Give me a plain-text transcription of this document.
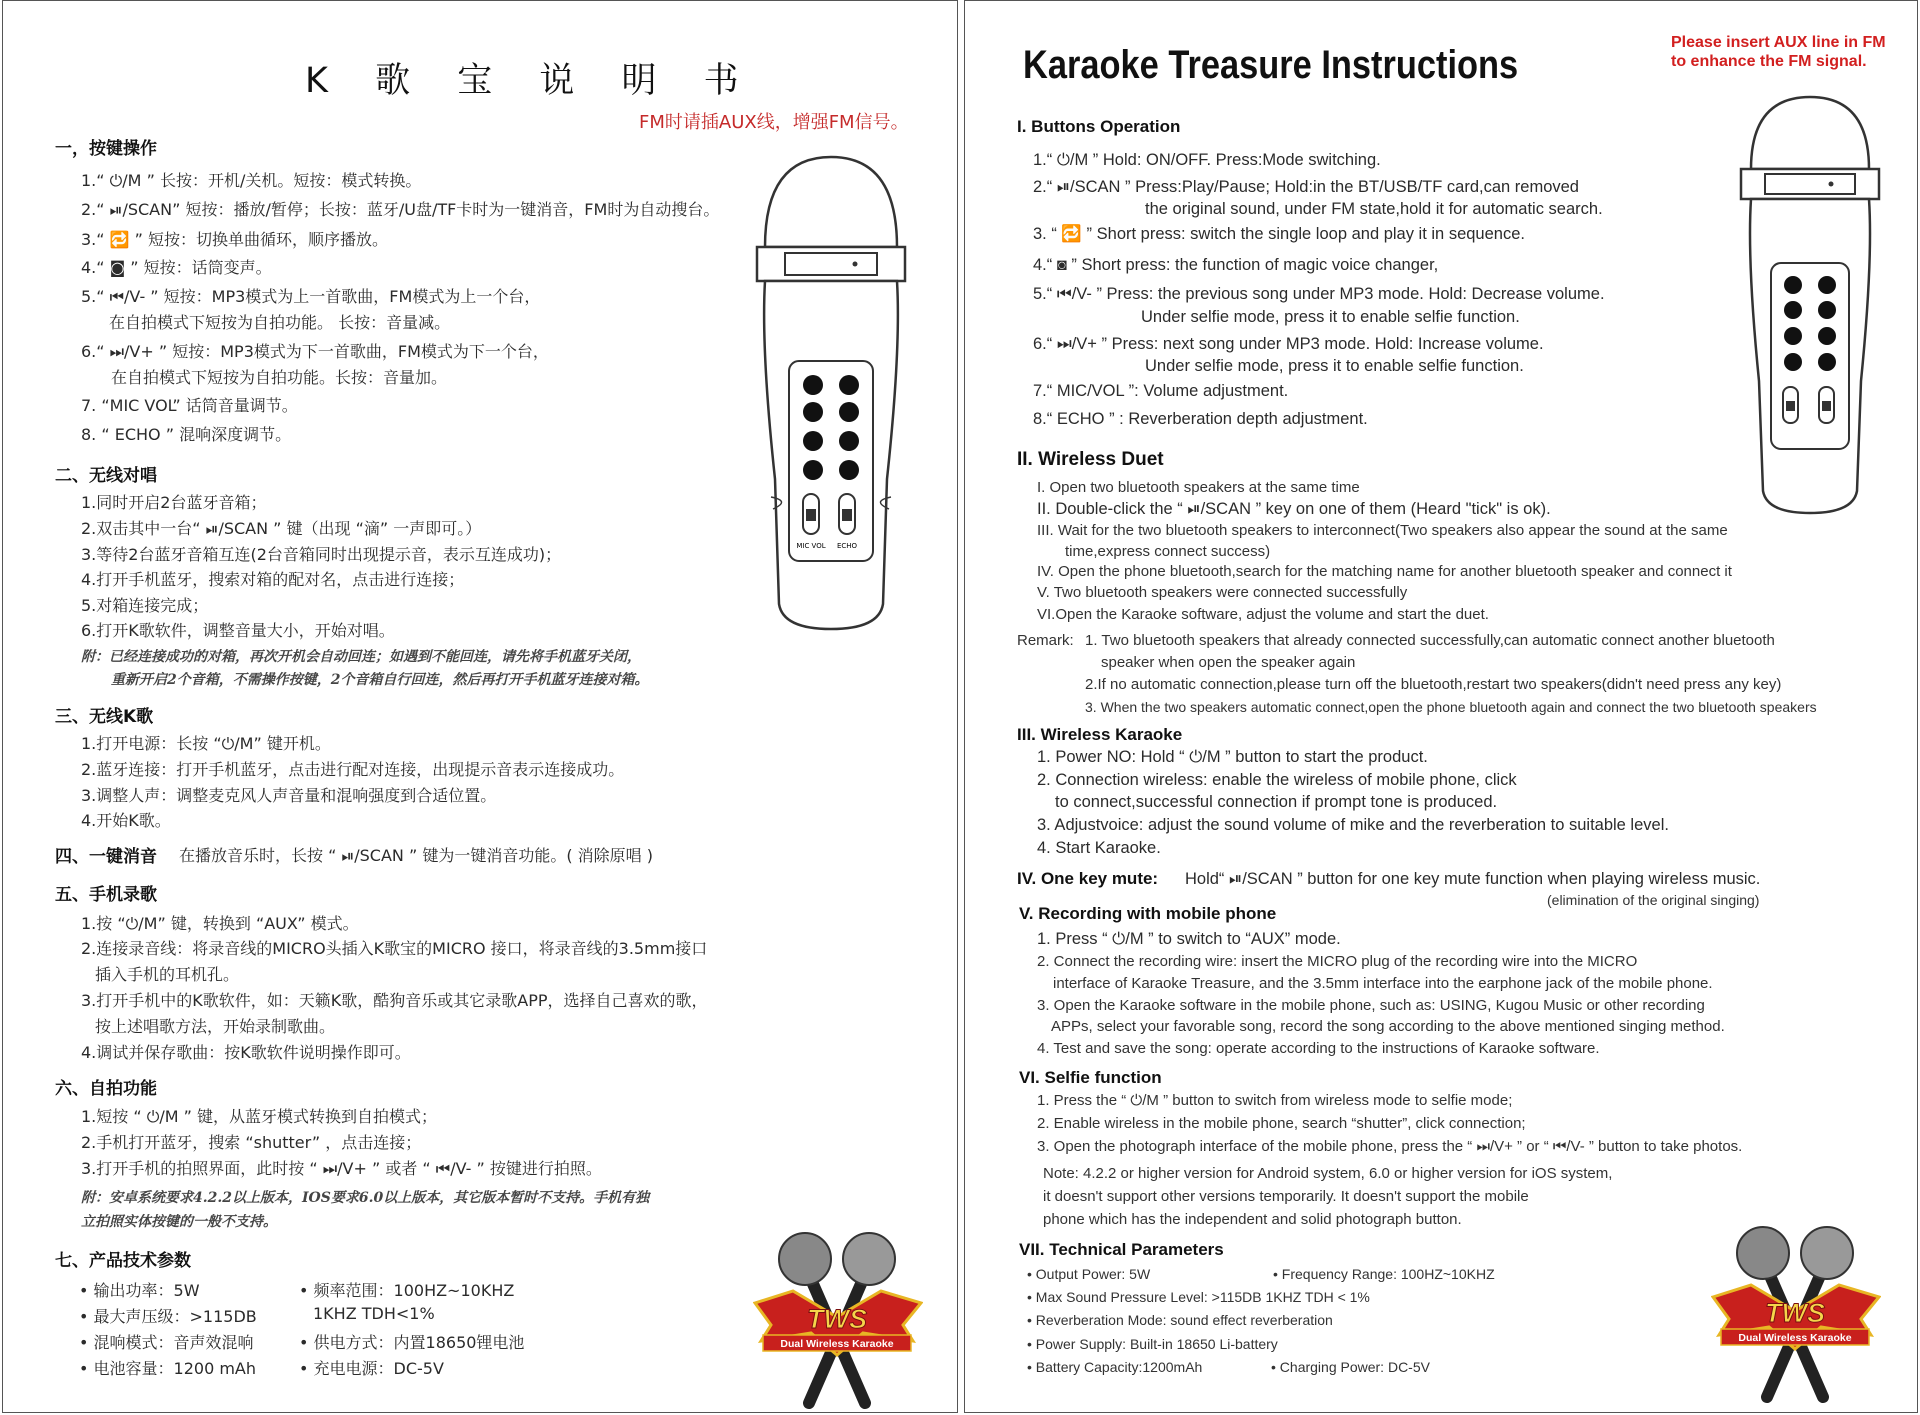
K 歌 宝 说 明 书
FM时请插AUX线，增强FM信号。
一，按键操作
1.“ ⏻/M ” 长按：开机/关机。短按：模式转换。
2.“ ⏯/SCAN” 短按：播放/暂停；长按：蓝牙/U盘/TF卡时为一键消音，FM时为自动搜台。
3.“ 🔁 ” 短按：切换单曲循环，顺序播放。
4.“ ◙ ” 短按：话筒变声。
5.“ ⏮/V- ” 短按：MP3模式为上一首歌曲，FM模式为上一个台，
在自拍模式下短按为自拍功能。 长按：音量减。
6.“ ⏭/V+ ” 短按：MP3模式为下一首歌曲，FM模式为下一个台，
在自拍模式下短按为自拍功能。长按：音量加。
7. “MIC VOL” 话筒音量调节。
8. “ ECHO ” 混响深度调节。
二、无线对唱
1.同时开启2台蓝牙音箱；
2.双击其中一台“ ⏯/SCAN ” 键（出现 “滴” 一声即可。）
3.等待2台蓝牙音箱互连(2台音箱同时出现提示音，表示互连成功)；
4.打开手机蓝牙，搜索对箱的配对名，点击进行连接；
5.对箱连接完成；
6.打开K歌软件，调整音量大小，开始对唱。
附：已经连接成功的对箱，再次开机会自动回连；如遇到不能回连，请先将手机蓝牙关闭，
重新开启2个音箱，不需操作按键，2个音箱自行回连，然后再打开手机蓝牙连接对箱。
三、无线K歌
1.打开电源：长按 “⏻/M” 键开机。
2.蓝牙连接：打开手机蓝牙，点击进行配对连接，出现提示音表示连接成功。
3.调整人声：调整麦克风人声音量和混响强度到合适位置。
4.开始K歌。
四、一键消音 在播放音乐时，长按 “ ⏯/SCAN ” 键为一键消音功能。( 消除原唱 )
五、手机录歌
1.按 “⏻/M” 键，转换到 “AUX” 模式。
2.连接录音线：将录音线的MICRO头插入K歌宝的MICRO 接口，将录音线的3.5mm接口
插入手机的耳机孔。
3.打开手机中的K歌软件，如：天籁K歌，酷狗音乐或其它录歌APP，选择自己喜欢的歌，
按上述唱歌方法，开始录制歌曲。
4.调试并保存歌曲：按K歌软件说明操作即可。
六、自拍功能
1.短按 “ ⏻/M ” 键，从蓝牙模式转换到自拍模式；
2.手机打开蓝牙，搜索 “shutter” ，点击连接；
3.打开手机的拍照界面，此时按 “ ⏭/V+ ” 或者 “ ⏮/V- ” 按键进行拍照。
附：安卓系统要求4.2.2以上版本，IOS要求6.0以上版本，其它版本暂时不支持。手机有独
立拍照实体按键的一般不支持。
七、产品技术参数
• 输出功率：5W	• 频率范围：100HZ~10KHZ
• 最大声压级：>115DB	1KHZ TDH<1%
• 混响模式：音声效混响	• 供电方式：内置18650锂电池
• 电池容量：1200 mAh	• 充电电源：DC-5V
MIC VOL ECHO
TWS
Dual Wireless Karaoke
Karaoke Treasure Instructions
Please insert AUX line in FM
to enhance the FM signal.
I. Buttons Operation
1.“ ⏻/M ” Hold: ON/OFF. Press:Mode switching.
2.“ ⏯/SCAN ” Press:Play/Pause; Hold:in the BT/USB/TF card,can removed
the original sound, under FM state,hold it for automatic search.
3. “ 🔁 ” Short press: switch the single loop and play it in sequence.
4.“ ◙ ” Short press: the function of magic voice changer,
5.“ ⏮/V- ” Press: the previous song under MP3 mode. Hold: Decrease volume.
Under selfie mode, press it to enable selfie function.
6.“ ⏭/V+ ” Press: next song under MP3 mode. Hold: Increase volume.
Under selfie mode, press it to enable selfie function.
7.“ MIC/VOL ”: Volume adjustment.
8.“ ECHO ” : Reverberation depth adjustment.
II. Wireless Duet
I. Open two bluetooth speakers at the same time
II. Double-click the “ ⏯/SCAN ” key on one of them (Heard "tick" is ok).
III. Wait for the two bluetooth speakers to interconnect(Two speakers also appear the sound at the same
time,express connect success)
IV. Open the phone bluetooth,search for the matching name for another bluetooth speaker and connect it
V. Two bluetooth speakers were connected successfully
VI.Open the Karaoke software, adjust the volume and start the duet.
Remark: 1. Two bluetooth speakers that already connected successfully,can automatic connect another bluetooth
speaker when open the speaker again
2.If no automatic connection,please turn off the bluetooth,restart two speakers(didn't need press any key)
3. When the two speakers automatic connect,open the phone bluetooth again and connect the two bluetooth speakers
III. Wireless Karaoke
1. Power NO: Hold “ ⏻/M ” button to start the product.
2. Connection wireless: enable the wireless of mobile phone, click
to connect,successful connection if prompt tone is produced.
3. Adjustvoice: adjust the sound volume of mike and the reverberation to suitable level.
4. Start Karaoke.
IV. One key mute: Hold“ ⏯/SCAN ” button for one key mute function when playing wireless music.
(elimination of the original singing)
V. Recording with mobile phone
1. Press “ ⏻/M ” to switch to “AUX” mode.
2. Connect the recording wire: insert the MICRO plug of the recording wire into the MICRO
interface of Karaoke Treasure, and the 3.5mm interface into the earphone jack of the mobile phone.
3. Open the Karaoke software in the mobile phone, such as: USING, Kugou Music or other recording
APPs, select your favorable song, record the song according to the above mentioned singing method.
4. Test and save the song: operate according to the instructions of Karaoke software.
VI. Selfie function
1. Press the “ ⏻/M ” button to switch from wireless mode to selfie mode;
2. Enable wireless in the mobile phone, search “shutter”, click connection;
3. Open the photograph interface of the mobile phone, press the “ ⏭/V+ ” or “ ⏮/V- ” button to take photos.
Note: 4.2.2 or higher version for Android system, 6.0 or higher version for iOS system,
it doesn't support other versions temporarily. It doesn't support the mobile
phone which has the independent and solid photograph button.
VII. Technical Parameters
• Output Power: 5W	• Frequency Range: 100HZ~10KHZ
• Max Sound Pressure Level: >115DB 1KHZ TDH < 1%
• Reverberation Mode: sound effect reverberation
• Power Supply: Built-in 18650 Li-battery
• Battery Capacity:1200mAh	• Charging Power: DC-5V
TWS
Dual Wireless Karaoke
